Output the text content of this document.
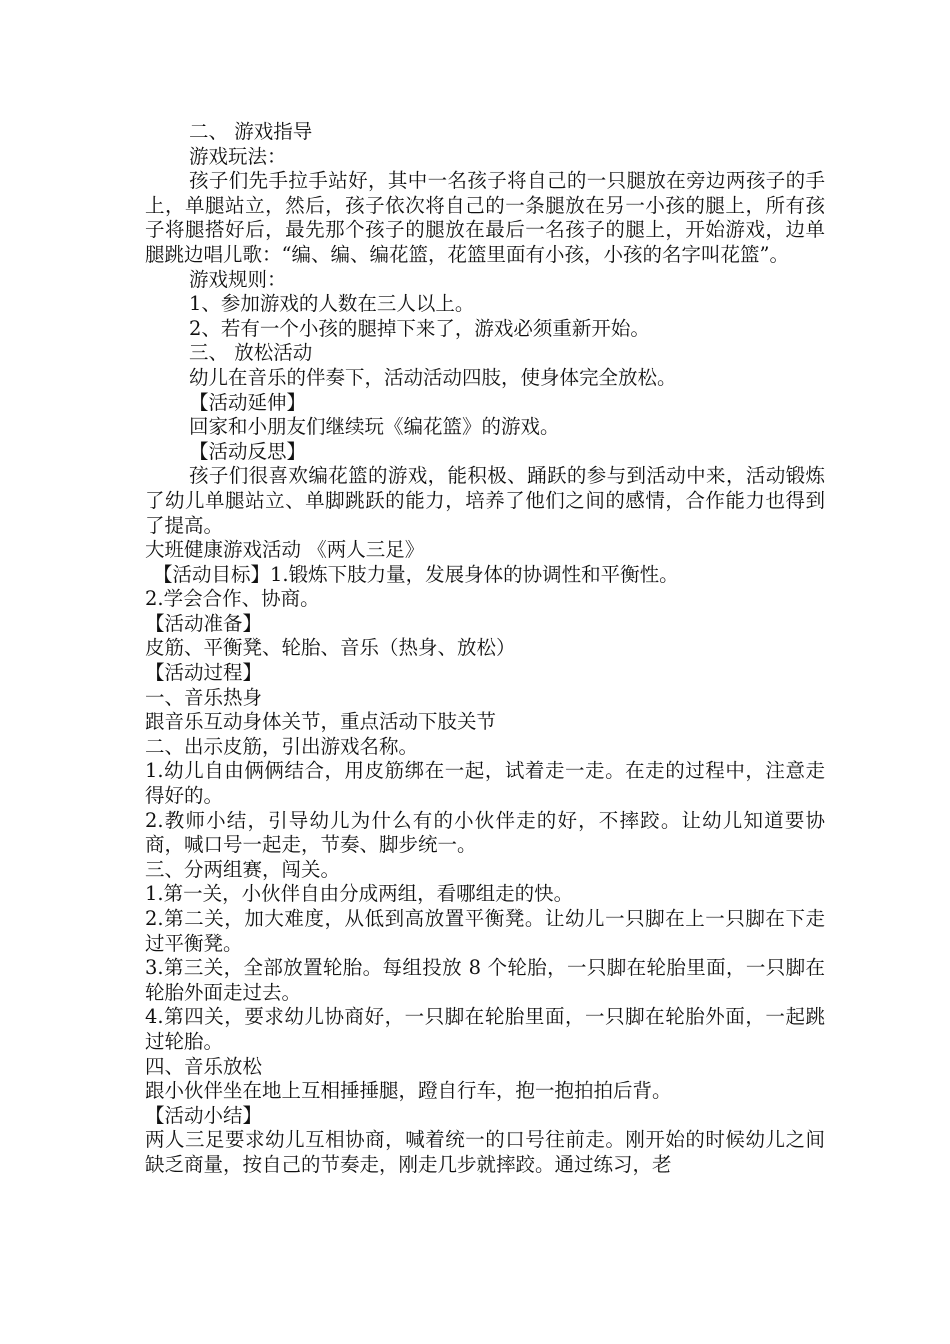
二、 游戏指导

游戏玩法：

孩子们先手拉手站好，其中一名孩子将自己的一只腿放在旁边两孩子的手上，单腿站立，然后，孩子依次将自己的一条腿放在另一小孩的腿上，所有孩子将腿搭好后，最先那个孩子的腿放在最后一名孩子的腿上，开始游戏，边单腿跳边唱儿歌：“编、编、编花篮，花篮里面有小孩，小孩的名字叫花篮”。

游戏规则：

1、参加游戏的人数在三人以上。

2、若有一个小孩的腿掉下来了，游戏必须重新开始。

三、 放松活动

幼儿在音乐的伴奏下，活动活动四肢，使身体完全放松。

【活动延伸】

回家和小朋友们继续玩《编花篮》的游戏。

【活动反思】

孩子们很喜欢编花篮的游戏，能积极、踊跃的参与到活动中来，活动锻炼了幼儿单腿站立、单脚跳跃的能力，培养了他们之间的感情，合作能力也得到了提高。

大班健康游戏活动 《两人三足》

【活动目标】1.锻炼下肢力量，发展身体的协调性和平衡性。

2.学会合作、协商。

【活动准备】

皮筋、平衡凳、轮胎、音乐（热身、放松）

【活动过程】

一、音乐热身

跟音乐互动身体关节，重点活动下肢关节

二、出示皮筋，引出游戏名称。

1.幼儿自由俩俩结合，用皮筋绑在一起，试着走一走。在走的过程中，注意走得好的。

2.教师小结，引导幼儿为什么有的小伙伴走的好，不摔跤。让幼儿知道要协商，喊口号一起走，节奏、脚步统一。

三、分两组赛，闯关。

1.第一关，小伙伴自由分成两组，看哪组走的快。

2.第二关，加大难度，从低到高放置平衡凳。让幼儿一只脚在上一只脚在下走过平衡凳。

3.第三关，全部放置轮胎。每组投放 8 个轮胎，一只脚在轮胎里面，一只脚在轮胎外面走过去。

4.第四关，要求幼儿协商好，一只脚在轮胎里面，一只脚在轮胎外面，一起跳过轮胎。

四、音乐放松

跟小伙伴坐在地上互相捶捶腿，蹬自行车，抱一抱拍拍后背。

【活动小结】

两人三足要求幼儿互相协商，喊着统一的口号往前走。刚开始的时候幼儿之间缺乏商量，按自己的节奏走，刚走几步就摔跤。通过练习，老
